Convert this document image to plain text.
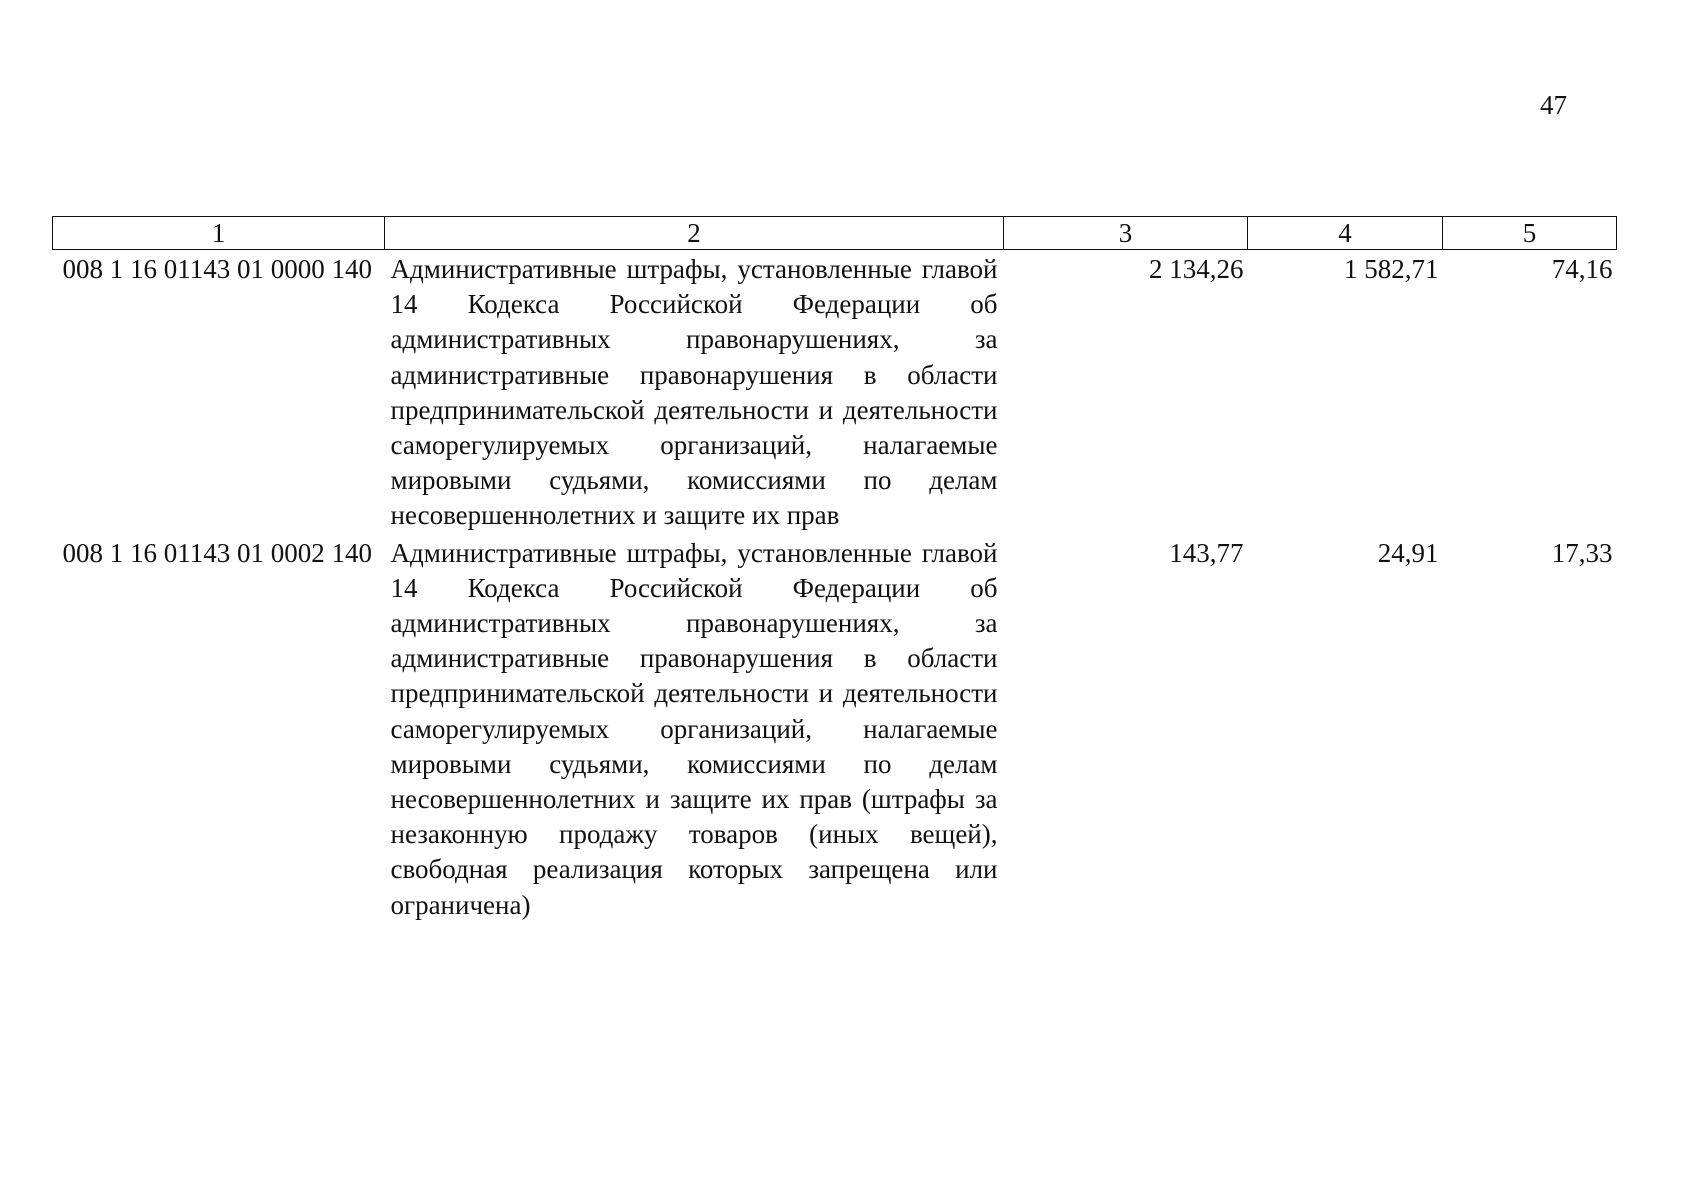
47
1	2	3	4	5
008 1 16 01143 01 0000 140	Административные штрафы, установленные главой 14 Кодекса Российской Федерации об административных правонарушениях, за административные правонарушения в области предпринимательской деятельности и деятельности саморегулируемых организаций, налагаемые мировыми судьями, комиссиями по делам несовершеннолетних и защите их прав	2 134,26	1 582,71	74,16
008 1 16 01143 01 0002 140	Административные штрафы, установленные главой 14 Кодекса Российской Федерации об административных правонарушениях, за административные правонарушения в области предпринимательской деятельности и деятельности саморегулируемых организаций, налагаемые мировыми судьями, комиссиями по делам несовершеннолетних и защите их прав (штрафы за незаконную продажу товаров (иных вещей), свободная реализация которых запрещена или ограничена)	143,77	24,91	17,33
